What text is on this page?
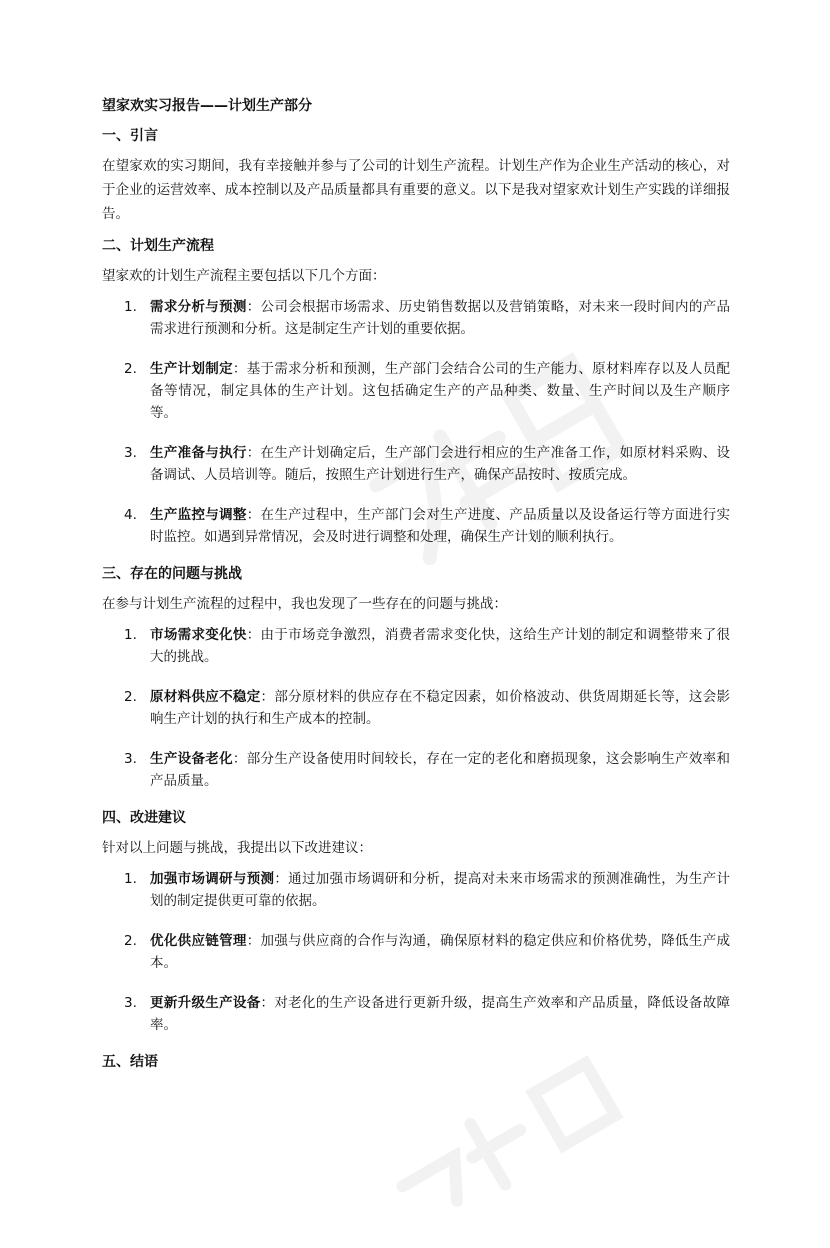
望家欢实习报告——计划生产部分
一、引言

在望家欢的实习期间，我有幸接触并参与了公司的计划生产流程。计划生产作为企业生产活动的核心，对于企业的运营效率、成本控制以及产品质量都具有重要的意义。以下是我对望家欢计划生产实践的详细报告。

二、计划生产流程

望家欢的计划生产流程主要包括以下几个方面：

1. 需求分析与预测：公司会根据市场需求、历史销售数据以及营销策略，对未来一段时间内的产品需求进行预测和分析。这是制定生产计划的重要依据。
2. 生产计划制定：基于需求分析和预测，生产部门会结合公司的生产能力、原材料库存以及人员配备等情况，制定具体的生产计划。这包括确定生产的产品种类、数量、生产时间以及生产顺序等。
3. 生产准备与执行：在生产计划确定后，生产部门会进行相应的生产准备工作，如原材料采购、设备调试、人员培训等。随后，按照生产计划进行生产，确保产品按时、按质完成。
4. 生产监控与调整：在生产过程中，生产部门会对生产进度、产品质量以及设备运行等方面进行实时监控。如遇到异常情况，会及时进行调整和处理，确保生产计划的顺利执行。
三、存在的问题与挑战

在参与计划生产流程的过程中，我也发现了一些存在的问题与挑战：

1. 市场需求变化快：由于市场竞争激烈，消费者需求变化快，这给生产计划的制定和调整带来了很大的挑战。
2. 原材料供应不稳定：部分原材料的供应存在不稳定因素，如价格波动、供货周期延长等，这会影响生产计划的执行和生产成本的控制。
3. 生产设备老化：部分生产设备使用时间较长，存在一定的老化和磨损现象，这会影响生产效率和产品质量。
四、改进建议

针对以上问题与挑战，我提出以下改进建议：

1. 加强市场调研与预测：通过加强市场调研和分析，提高对未来市场需求的预测准确性，为生产计划的制定提供更可靠的依据。
2. 优化供应链管理：加强与供应商的合作与沟通，确保原材料的稳定供应和价格优势，降低生产成本。
3. 更新升级生产设备：对老化的生产设备进行更新升级，提高生产效率和产品质量，降低设备故障率。
五、结语
